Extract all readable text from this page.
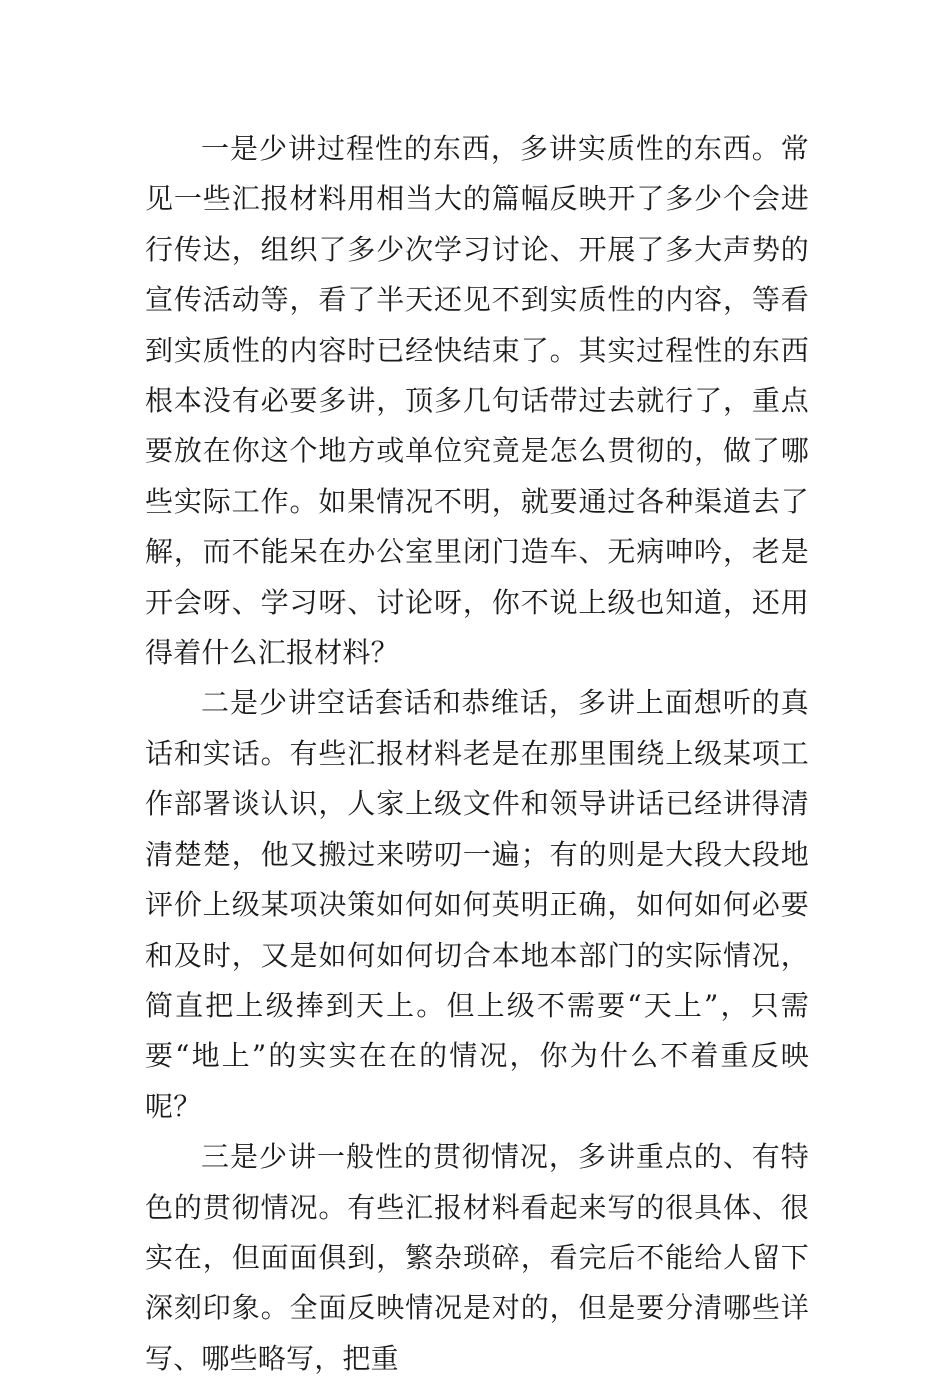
一是少讲过程性的东西，多讲实质性的东西。常见一些汇报材料用相当大的篇幅反映开了多少个会进行传达，组织了多少次学习讨论、开展了多大声势的宣传活动等，看了半天还见不到实质性的内容，等看到实质性的内容时已经快结束了。其实过程性的东西根本没有必要多讲，顶多几句话带过去就行了，重点要放在你这个地方或单位究竟是怎么贯彻的，做了哪些实际工作。如果情况不明，就要通过各种渠道去了解，而不能呆在办公室里闭门造车、无病呻吟，老是开会呀、学习呀、讨论呀，你不说上级也知道，还用得着什么汇报材料？

二是少讲空话套话和恭维话，多讲上面想听的真话和实话。有些汇报材料老是在那里围绕上级某项工作部署谈认识，人家上级文件和领导讲话已经讲得清清楚楚，他又搬过来唠叨一遍；有的则是大段大段地评价上级某项决策如何如何英明正确，如何如何必要和及时，又是如何如何切合本地本部门的实际情况，简直把上级捧到天上。但上级不需要“天上”，只需要“地上”的实实在在的情况，你为什么不着重反映呢？

三是少讲一般性的贯彻情况，多讲重点的、有特色的贯彻情况。有些汇报材料看起来写的很具体、很实在，但面面俱到，繁杂琐碎，看完后不能给人留下深刻印象。全面反映情况是对的，但是要分清哪些详写、哪些略写，把重
